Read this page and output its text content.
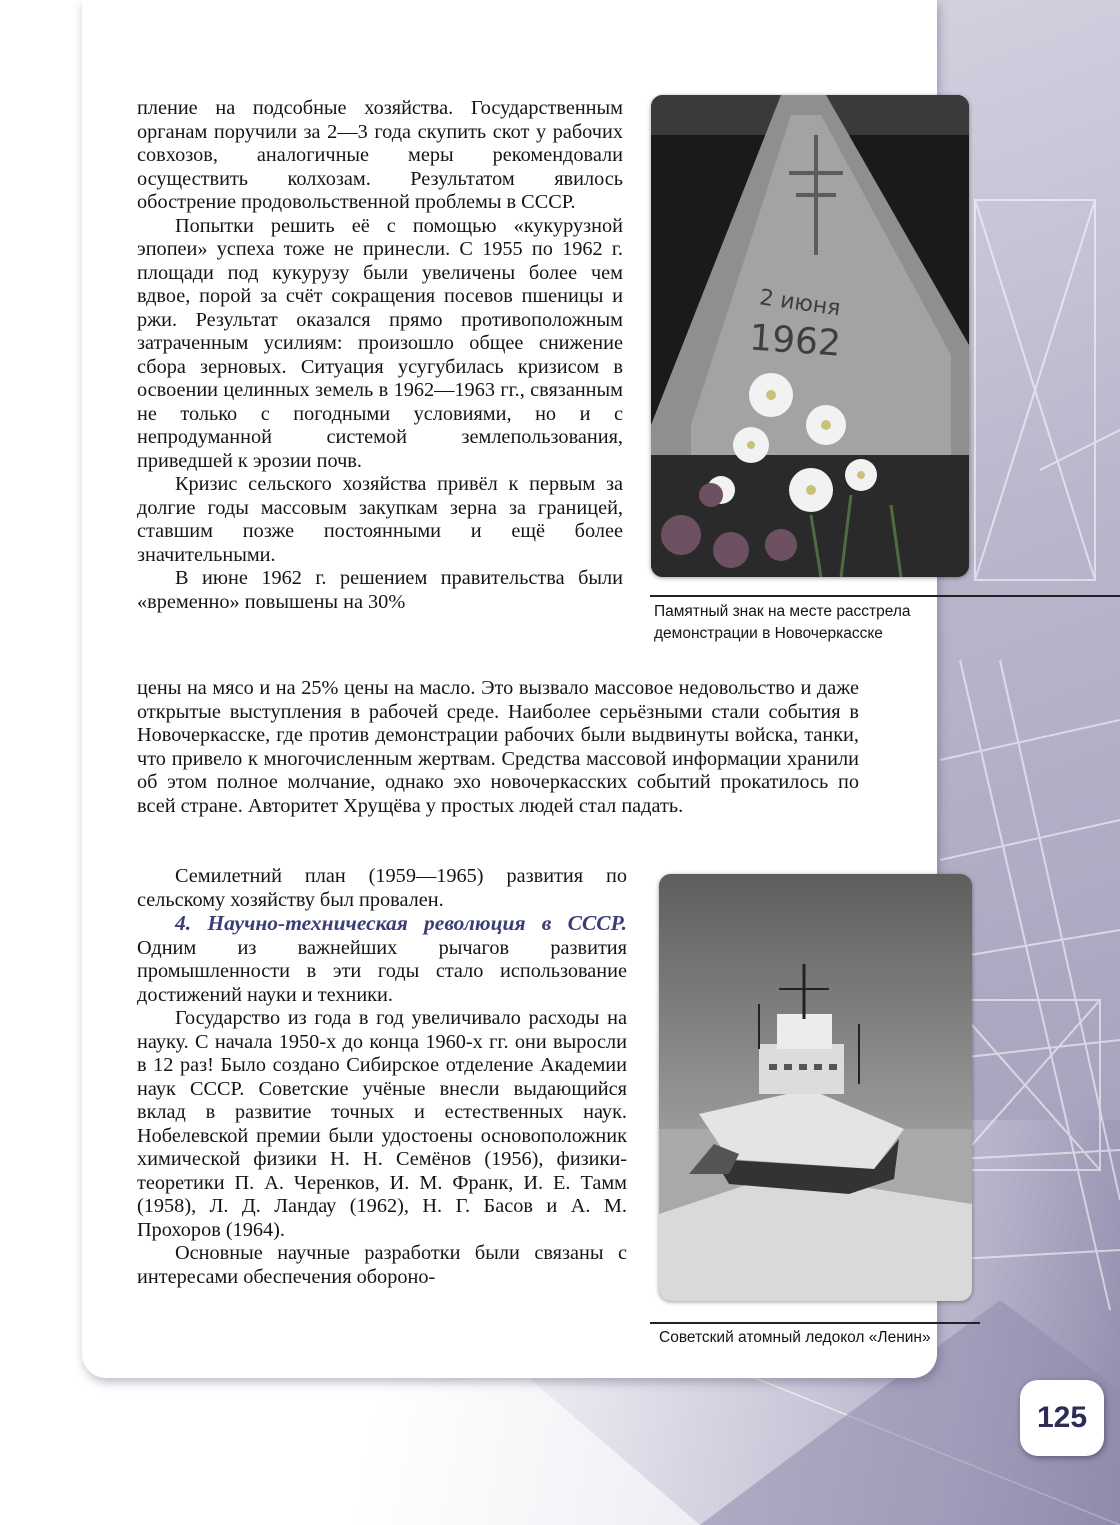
пление на подсобные хозяйства. Государственным органам поручили за 2—3 года скупить скот у рабочих совхозов, аналогичные меры рекомендовали осуществить колхозам. Результатом явилось обострение продовольственной проблемы в СССР.

Попытки решить её с помощью «кукурузной эпопеи» успеха тоже не принесли. С 1955 по 1962 г. площади под кукурузу были увеличены более чем вдвое, порой за счёт сокращения посевов пшеницы и ржи. Результат оказался прямо противоположным затраченным усилиям: произошло общее снижение сбора зерновых. Ситуация усугубилась кризисом в освоении целинных земель в 1962—1963 гг., связанным не только с погодными условиями, но и с непродуманной системой землепользования, приведшей к эрозии почв.

Кризис сельского хозяйства привёл к первым за долгие годы массовым закупкам зерна за границей, ставшим позже постоянными и ещё более значительными.

В июне 1962 г. решением правительства были «временно» повышены на 30%

2 июня
1962
Памятный знак на месте расстрела
демонстрации в Новочеркасске

цены на мясо и на 25% цены на масло. Это вызвало массовое недовольство и даже открытые выступления в рабочей среде. Наиболее серьёзными стали события в Новочеркасске, где против демонстрации рабочих были выдвинуты войска, танки, что привело к многочисленным жертвам. Средства массовой информации хранили об этом полное молчание, однако эхо новочеркасских событий прокатилось по всей стране. Авторитет Хрущёва у простых людей стал падать.

Семилетний план (1959—1965) развития по сельскому хозяйству был провален.

4. Научно-техническая революция в СССР. Одним из важнейших рычагов развития промышленности в эти годы стало использование достижений науки и техники.

Государство из года в год увеличивало расходы на науку. С начала 1950-х до конца 1960-х гг. они выросли в 12 раз! Было создано Сибирское отделение Академии наук СССР. Советские учёные внесли выдающийся вклад в развитие точных и естественных наук. Нобелевской премии были удостоены основоположник химической физики Н. Н. Семёнов (1956), физики-теоретики П. А. Черенков, И. М. Франк, И. Е. Тамм (1958), Л. Д. Ландау (1962), Н. Г. Басов и А. М. Прохоров (1964).

Основные научные разработки были связаны с интересами обеспечения обороно-

Советский атомный ледокол «Ленин»
125
